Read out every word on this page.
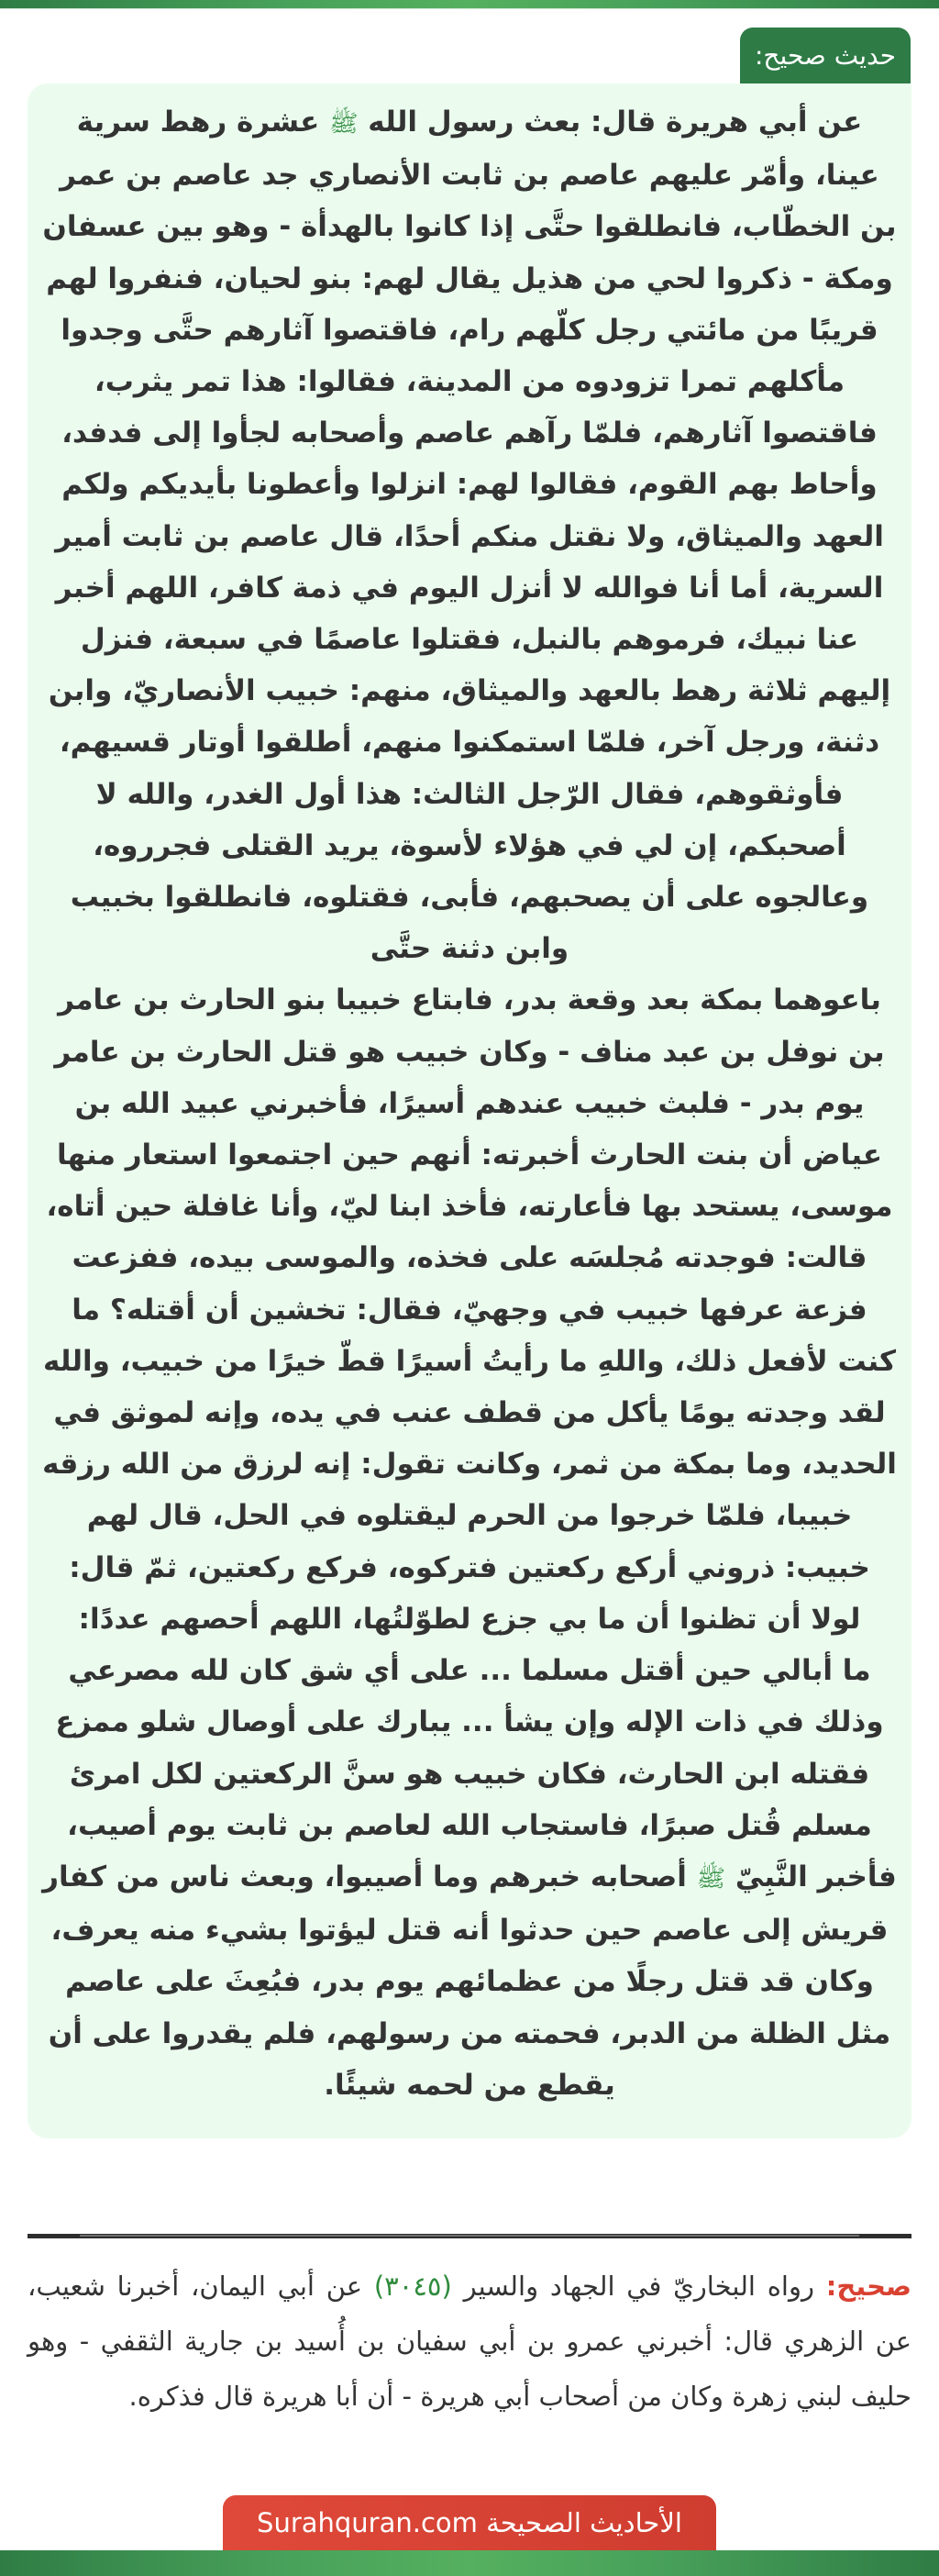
حديث صحيح:

عن أبي هريرة قال: بعث رسول الله ﷺ عشرة رهط سرية عينا، وأمّر عليهم عاصم بن ثابت الأنصاري جد عاصم بن عمر بن الخطّاب، فانطلقوا حتَّى إذا كانوا بالهدأة - وهو بين عسفان ومكة - ذكروا لحي من هذيل يقال لهم: بنو لحيان، فنفروا لهم قريبًا من مائتي رجل كلّهم رام، فاقتصوا آثارهم حتَّى وجدوا مأكلهم تمرا تزودوه من المدينة، فقالوا: هذا تمر يثرب، فاقتصوا آثارهم، فلمّا رآهم عاصم وأصحابه لجأوا إلى فدفد، وأحاط بهم القوم، فقالوا لهم: انزلوا وأعطونا بأيديكم ولكم العهد والميثاق، ولا نقتل منكم أحدًا، قال عاصم بن ثابت أمير السرية، أما أنا فوالله لا أنزل اليوم في ذمة كافر، اللهم أخبر عنا نبيك، فرموهم بالنبل، فقتلوا عاصمًا في سبعة، فنزل إليهم ثلاثة رهط بالعهد والميثاق، منهم: خبيب الأنصاريّ، وابن دثنة، ورجل آخر، فلمّا استمكنوا منهم، أطلقوا أوتار قسيهم، فأوثقوهم، فقال الرّجل الثالث: هذا أول الغدر، والله لا أصحبكم، إن لي في هؤلاء لأسوة، يريد القتلى فجرروه، وعالجوه على أن يصحبهم، فأبى، فقتلوه، فانطلقوا بخبيب وابن دثنة حتَّى

باعوهما بمكة بعد وقعة بدر، فابتاع خبيبا بنو الحارث بن عامر بن نوفل بن عبد مناف - وكان خبيب هو قتل الحارث بن عامر يوم بدر - فلبث خبيب عندهم أسيرًا، فأخبرني عبيد الله بن عياض أن بنت الحارث أخبرته: أنهم حين اجتمعوا استعار منها موسى، يستحد بها فأعارته، فأخذ ابنا ليّ، وأنا غافلة حين أتاه، قالت: فوجدته مُجلسَه على فخذه، والموسى بيده، ففزعت فزعة عرفها خبيب في وجهيّ، فقال: تخشين أن أقتله؟ ما كنت لأفعل ذلك، واللهِ ما رأيتُ أسيرًا قطّ خيرًا من خبيب، والله لقد وجدته يومًا يأكل من قطف عنب في يده، وإنه لموثق في الحديد، وما بمكة من ثمر، وكانت تقول: إنه لرزق من الله رزقه خبيبا، فلمّا خرجوا من الحرم ليقتلوه في الحل، قال لهم خبيب: ذروني أركع ركعتين فتركوه، فركع ركعتين، ثمّ قال: لولا أن تظنوا أن ما بي جزع لطوّلتُها، اللهم أحصهم عددًا:

ما أبالي حين أقتل مسلما ... على أي شق كان لله مصرعي وذلك في ذات الإله وإن يشأ ... يبارك على أوصال شلو ممزع فقتله ابن الحارث، فكان خبيب هو سنَّ الركعتين لكل امرئ مسلم قُتل صبرًا، فاستجاب الله لعاصم بن ثابت يوم أصيب، فأخبر النَّبِيّ ﷺ أصحابه خبرهم وما أصيبوا، وبعث ناس من كفار قريش إلى عاصم حين حدثوا أنه قتل ليؤتوا بشيء منه يعرف، وكان قد قتل رجلًا من عظمائهم يوم بدر، فبُعِثَ على عاصم مثل الظلة من الدبر، فحمته من رسولهم، فلم يقدروا على أن يقطع من لحمه شيئًا.

صحيح: رواه البخاريّ في الجهاد والسير (٣٠٤٥) عن أبي اليمان، أخبرنا شعيب، عن الزهري قال: أخبرني عمرو بن أبي سفيان بن أُسيد بن جارية الثقفي - وهو حليف لبني زهرة وكان من أصحاب أبي هريرة - أن أبا هريرة قال فذكره.
الأحاديث الصحيحة Surahquran.com
